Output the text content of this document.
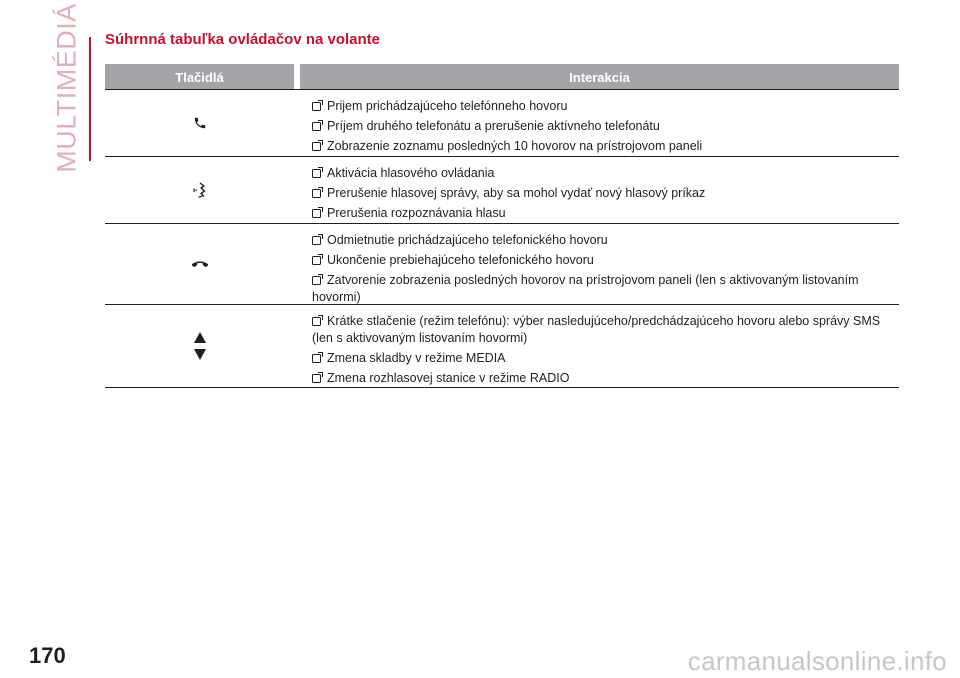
MULTIMÉDIÁ Súhrnná tabuľka ovládačov na volante
Tlačidlá	Interakcia
Prijem prichádzajúceho telefónneho hovoru
Príjem druhého telefonátu a prerušenie aktívneho telefonátu
Zobrazenie zoznamu posledných 10 hovorov na prístrojovom paneli
Aktivácia hlasového ovládania
Prerušenie hlasovej správy, aby sa mohol vydať nový hlasový príkaz
Prerušenia rozpoznávania hlasu
Odmietnutie prichádzajúceho telefonického hovoru
Ukončenie prebiehajúceho telefonického hovoru
Zatvorenie zobrazenia posledných hovorov na prístrojovom paneli (len s aktivovaným listovaním hovormi)
Krátke stlačenie (režim telefónu): výber nasledujúceho/predchádzajúceho hovoru alebo správy SMS (len s aktivovaným listovaním hovormi)
Zmena skladby v režime MEDIA
Zmena rozhlasovej stanice v režime RADIO
170	carmanualsonline.info
